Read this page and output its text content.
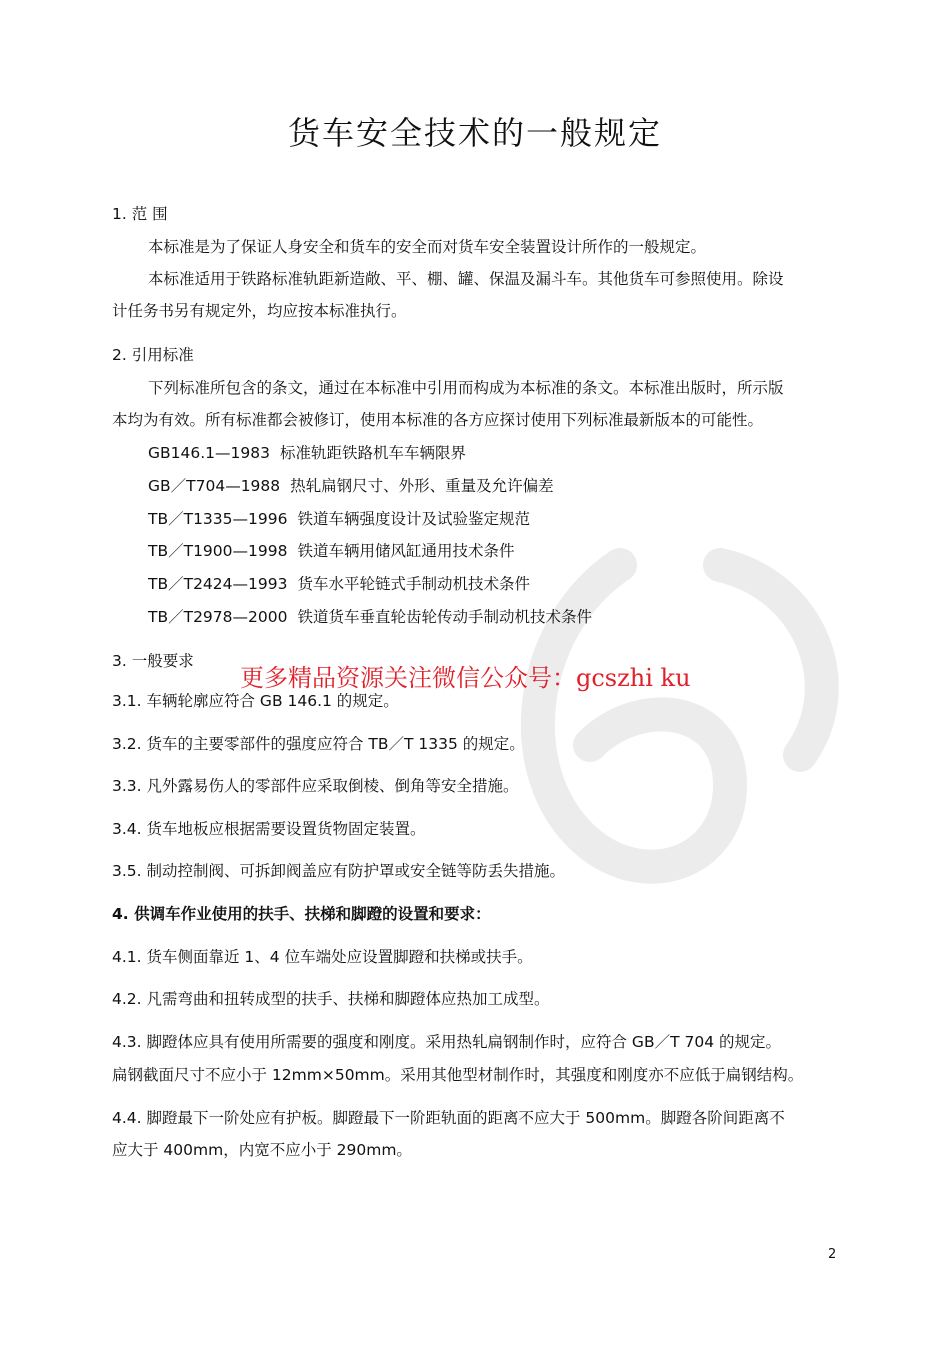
货车安全技术的一般规定
1. 范 围
本标准是为了保证人身安全和货车的安全而对货车安全装置设计所作的一般规定。
本标准适用于铁路标准轨距新造敞、平、棚、罐、保温及漏斗车。其他货车可参照使用。除设
计任务书另有规定外，均应按本标准执行。
2. 引用标准
下列标准所包含的条文，通过在本标准中引用而构成为本标准的条文。本标准出版时，所示版
本均为有效。所有标准都会被修订，使用本标准的各方应探讨使用下列标准最新版本的可能性。
GB146.1—1983 标准轨距铁路机车车辆限界
GB／T704—1988 热轧扁钢尺寸、外形、重量及允许偏差
TB／T1335—1996 铁道车辆强度设计及试验鉴定规范
TB／T1900—1998 铁道车辆用储风缸通用技术条件
TB／T2424—1993 货车水平轮链式手制动机技术条件
TB／T2978—2000 铁道货车垂直轮齿轮传动手制动机技术条件
3. 一般要求
更多精品资源关注微信公众号：gcszhi ku
3.1. 车辆轮廓应符合 GB 146.1 的规定。
3.2. 货车的主要零部件的强度应符合 TB／T 1335 的规定。
3.3. 凡外露易伤人的零部件应采取倒棱、倒角等安全措施。
3.4. 货车地板应根据需要设置货物固定装置。
3.5. 制动控制阀、可拆卸阀盖应有防护罩或安全链等防丢失措施。
4. 供调车作业使用的扶手、扶梯和脚蹬的设置和要求：
4.1. 货车侧面靠近 1、4 位车端处应设置脚蹬和扶梯或扶手。
4.2. 凡需弯曲和扭转成型的扶手、扶梯和脚蹬体应热加工成型。
4.3. 脚蹬体应具有使用所需要的强度和刚度。采用热轧扁钢制作时，应符合 GB／T 704 的规定。
扁钢截面尺寸不应小于 12mm×50mm。采用其他型材制作时，其强度和刚度亦不应低于扁钢结构。
4.4. 脚蹬最下一阶处应有护板。脚蹬最下一阶距轨面的距离不应大于 500mm。脚蹬各阶间距离不
应大于 400mm，内宽不应小于 290mm。
2
